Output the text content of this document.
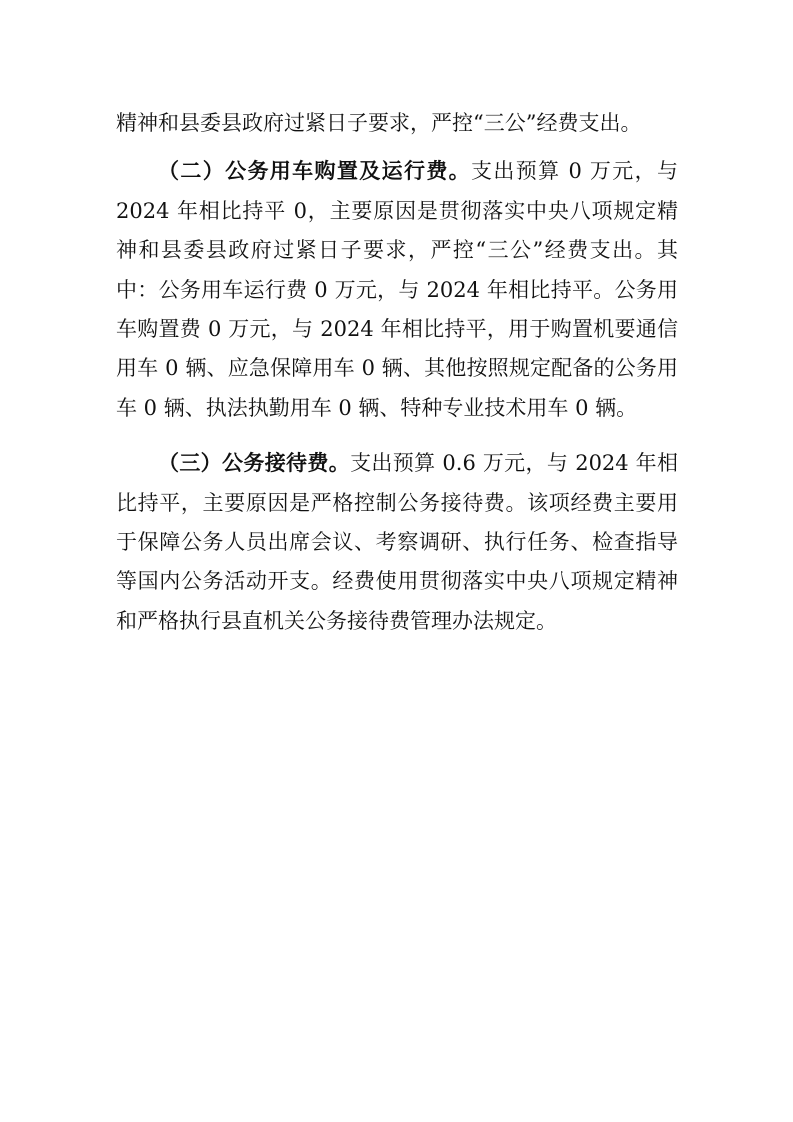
精神和县委县政府过紧日子要求，严控“三公”经费支出。

（二）公务用车购置及运行费。支出预算 0 万元，与 2024 年相比持平 0，主要原因是贯彻落实中央八项规定精神和县委县政府过紧日子要求，严控“三公”经费支出。其中：公务用车运行费 0 万元，与 2024 年相比持平。公务用车购置费 0 万元，与 2024 年相比持平，用于购置机要通信用车 0 辆、应急保障用车 0 辆、其他按照规定配备的公务用车 0 辆、执法执勤用车 0 辆、特种专业技术用车 0 辆。

（三）公务接待费。支出预算 0.6 万元，与 2024 年相比持平，主要原因是严格控制公务接待费。该项经费主要用于保障公务人员出席会议、考察调研、执行任务、检查指导等国内公务活动开支。经费使用贯彻落实中央八项规定精神和严格执行县直机关公务接待费管理办法规定。
